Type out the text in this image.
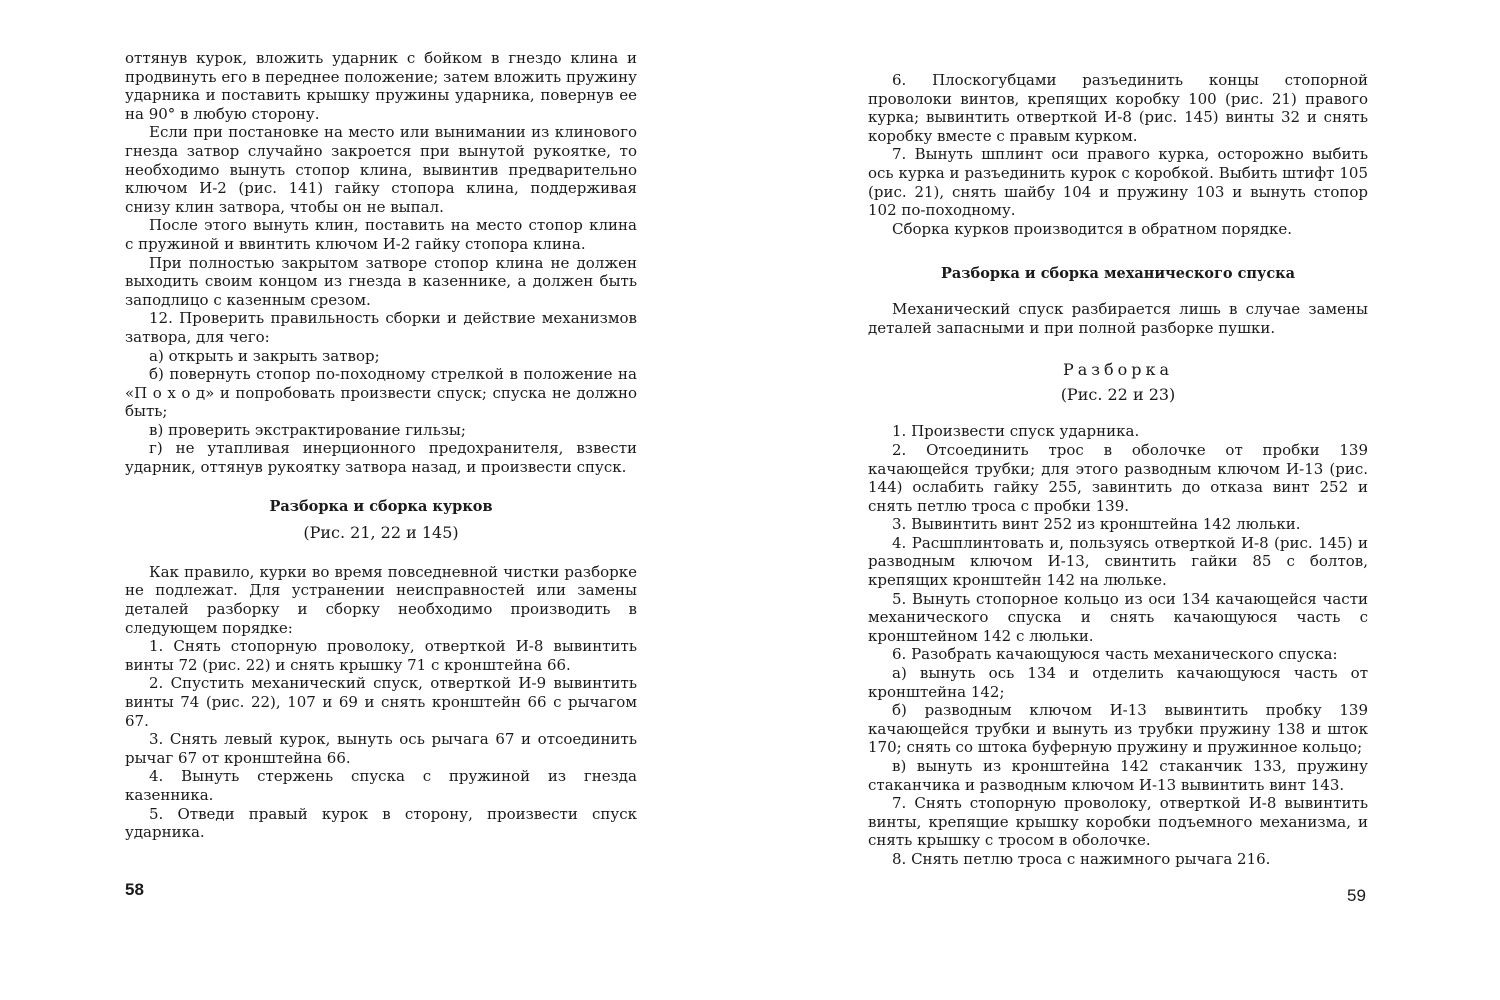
оттянув курок, вложить ударник с бойком в гнездо клина и продвинуть его в переднее положение; затем вложить пружину ударника и поставить крышку пружины ударника, повернув ее на 90° в любую сторону.

Если при постановке на место или вынимании из клинового гнезда затвор случайно закроется при вынутой рукоятке, то необходимо вынуть стопор клина, вывинтив предварительно ключом И-2 (рис. 141) гайку стопора клина, поддерживая снизу клин затвора, чтобы он не выпал.

После этого вынуть клин, поставить на место стопор клина с пружиной и ввинтить ключом И-2 гайку стопора клина.

При полностью закрытом затворе стопор клина не должен выходить своим концом из гнезда в казеннике, а должен быть заподлицо с казенным срезом.

12. Проверить правильность сборки и действие механизмов затвора, для чего:

а) открыть и закрыть затвор;

б) повернуть стопор по-походному стрелкой в положение на «П о х о д» и попробовать произвести спуск; спуска не должно быть;

в) проверить экстрактирование гильзы;

г) не утапливая инерционного предохранителя, взвести ударник, оттянув рукоятку затвора назад, и произвести спуск.

Разборка и сборка курков

(Рис. 21, 22 и 145)

Как правило, курки во время повседневной чистки разборке не подлежат. Для устранении неисправностей или замены деталей разборку и сборку необходимо производить в следующем порядке:

1. Снять стопорную проволоку, отверткой И-8 вывинтить винты 72 (рис. 22) и снять крышку 71 с кронштейна 66.

2. Спустить механический спуск, отверткой И-9 вывинтить винты 74 (рис. 22), 107 и 69 и снять кронштейн 66 с рычагом 67.

3. Снять левый курок, вынуть ось рычага 67 и отсоединить рычаг 67 от кронштейна 66.

4. Вынуть стержень спуска с пружиной из гнезда казенника.

5. Отведи правый курок в сторону, произвести спуск ударника.

58

6. Плоскогубцами разъединить концы стопорной проволоки винтов, крепящих коробку 100 (рис. 21) правого курка; вывинтить отверткой И-8 (рис. 145) винты 32 и снять коробку вместе с правым курком.

7. Вынуть шплинт оси правого курка, осторожно выбить ось курка и разъединить курок с коробкой. Выбить штифт 105 (рис. 21), снять шайбу 104 и пружину 103 и вынуть стопор 102 по-походному.

Сборка курков производится в обратном порядке.

Разборка и сборка механического спуска

Механический спуск разбирается лишь в случае замены деталей запасными и при полной разборке пушки.

Разборка

(Рис. 22 и 23)

1. Произвести спуск ударника.

2. Отсоединить трос в оболочке от пробки 139 качающейся трубки; для этого разводным ключом И-13 (рис. 144) ослабить гайку 255, завинтить до отказа винт 252 и снять петлю троса с пробки 139.

3. Вывинтить винт 252 из кронштейна 142 люльки.

4. Расшплинтовать и, пользуясь отверткой И-8 (рис. 145) и разводным ключом И-13, свинтить гайки 85 с болтов, крепящих кронштейн 142 на люльке.

5. Вынуть стопорное кольцо из оси 134 качающейся части механического спуска и снять качающуюся часть с кронштейном 142 с люльки.

6. Разобрать качающуюся часть механического спуска:

а) вынуть ось 134 и отделить качающуюся часть от кронштейна 142;

б) разводным ключом И-13 вывинтить пробку 139 качающейся трубки и вынуть из трубки пружину 138 и шток 170; снять со штока буферную пружину и пружинное кольцо;

в) вынуть из кронштейна 142 стаканчик 133, пружину стаканчика и разводным ключом И-13 вывинтить винт 143.

7. Снять стопорную проволоку, отверткой И-8 вывинтить винты, крепящие крышку коробки подъемного механизма, и снять крышку с тросом в оболочке.

8. Снять петлю троса с нажимного рычага 216.

59
